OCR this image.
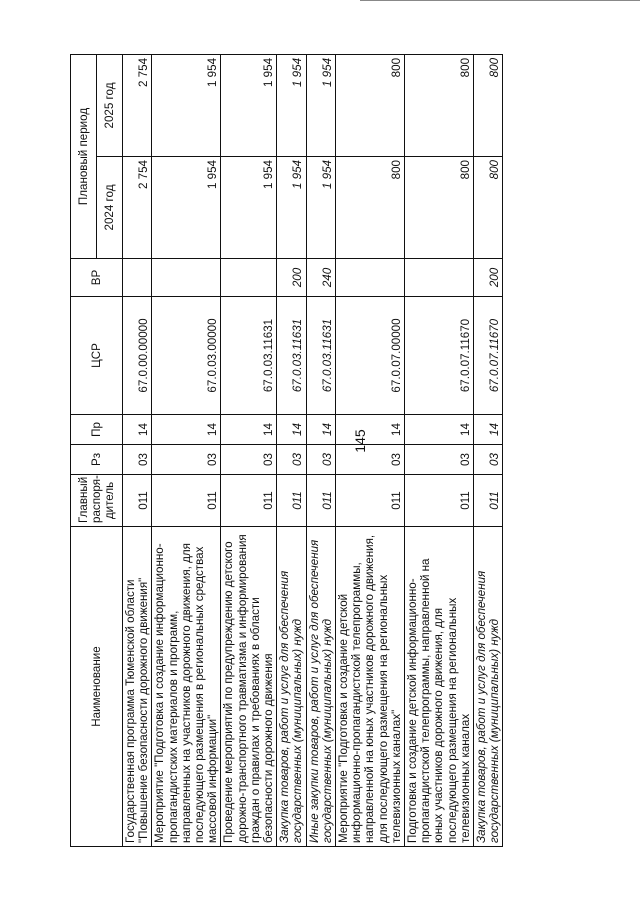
145
Наименование	Главный распоря-дитель	Рз	Пр	ЦСР	ВР	Плановый период	
						2024 год	2025 год
Государственная программа Тюменской области "Повышение безопасности дорожного движения"	011	03	14	67.0.00.00000		2 754	2 754
Мероприятие "Подготовка и создание информационно-пропагандистских материалов и программ, направленных на участников дорожного движения, для последующего размещения в региональных средствах массовой информации"	011	03	14	67.0.03.00000		1 954	1 954
Проведение мероприятий по предупреждению детского дорожно-транспортного травматизма и информирования граждан о правилах и требованиях в области безопасности дорожного движения	011	03	14	67.0.03.11631		1 954	1 954
Закупка товаров, работ и услуг для обеспечения государственных (муниципальных) нужд	011	03	14	67.0.03.11631	200	1 954	1 954
Иные закупки товаров, работ и услуг для обеспечения государственных (муниципальных) нужд	011	03	14	67.0.03.11631	240	1 954	1 954
Мероприятие "Подготовка и создание детской информационно-пропагандистской телепрограммы, направленной на юных участников дорожного движения, для последующего размещения на региональных телевизионных каналах"	011	03	14	67.0.07.00000		800	800
Подготовка и создание детской информационно-пропагандистской телепрограммы, направленной на юных участников дорожного движения, для последующего размещения на региональных телевизионных каналах	011	03	14	67.0.07.11670		800	800
Закупка товаров, работ и услуг для обеспечения государственных (муниципальных) нужд	011	03	14	67.0.07.11670	200	800	800
